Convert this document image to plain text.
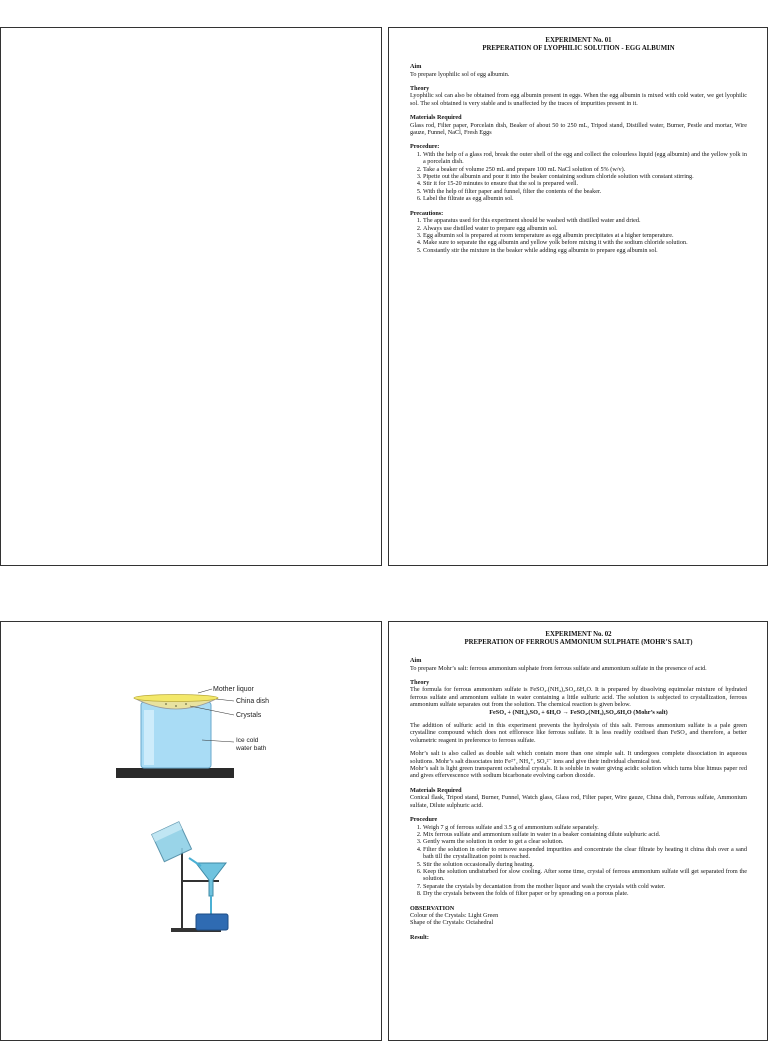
EXPERIMENT No. 01
PREPERATION OF LYOPHILIC SOLUTION - EGG ALBUMIN
Aim

To prepare lyophilic sol of egg albumin.

Theory

Lyophilic sol can also be obtained from egg albumin present in eggs. When the egg albumin is mixed with cold water, we get lyophilic sol. The sol obtained is very stable and is unaffected by the traces of impurities present in it.

Materials Required

Glass rod, Filter paper, Porcelain dish, Beaker of about 50 to 250 mL, Tripod stand, Distilled water, Burner, Pestle and mortar, Wire gauze, Funnel, NaCl, Fresh Eggs

Procedure:
1. With the help of a glass rod, break the outer shell of the egg and collect the colourless liquid (egg albumin) and the yellow yolk in a porcelain dish.
2. Take a beaker of volume 250 mL and prepare 100 mL NaCl solution of 5% (w/v).
3. Pipette out the albumin and pour it into the beaker containing sodium chloride solution with constant stirring.
4. Stir it for 15-20 minutes to ensure that the sol is prepared well.
5. With the help of filter paper and funnel, filter the contents of the beaker.
6. Label the filtrate as egg albumin sol.
Precautions:
1. The apparatus used for this experiment should be washed with distilled water and dried.
2. Always use distilled water to prepare egg albumin sol.
3. Egg albumin sol is prepared at room temperature as egg albumin precipitates at a higher temperature.
4. Make sure to separate the egg albumin and yellow yolk before mixing it with the sodium chloride solution.
5. Constantly stir the mixture in the beaker while adding egg albumin to prepare egg albumin sol.
Mother liquor
China dish
Crystals
Ice cold
water bath
EXPERIMENT No. 02
PREPERATION OF FERROUS AMMONIUM SULPHATE (MOHR’S SALT)
Aim

To prepare Mohr’s salt: ferrous ammonium sulphate from ferrous sulfate and ammonium sulfate in the presence of acid.

Theory

The formula for ferrous ammonium sulfate is FeSO₄.(NH₄)₂SO₄.6H₂O. It is prepared by dissolving equimolar mixture of hydrated ferrous sulfate and ammonium sulfate in water containing a little sulfuric acid. The solution is subjected to crystallization, ferrous ammonium sulfate separates out from the solution. The chemical reaction is given below.

FeSO₄ + (NH₄)₂SO₄ + 6H₂O → FeSO₄.(NH₄)₂SO₄.6H₂O (Mohr’s salt)

The addition of sulfuric acid in this experiment prevents the hydrolysis of this salt. Ferrous ammonium sulfate is a pale green crystalline compound which does not effloresce like ferrous sulfate. It is less readily oxidised than FeSO₄ and therefore, a better volumetric reagent in preference to ferrous sulfate.

Mohr’s salt is also called as double salt which contain more than one simple salt. It undergoes complete dissociation in aqueous solutions. Mohr’s salt dissociates into Fe²⁺, NH₄⁺, SO₄²⁻ ions and give their individual chemical test.

Mohr’s salt is light green transparent octahedral crystals. It is soluble in water giving acidic solution which turns blue litmus paper red and gives effervescence with sodium bicarbonate evolving carbon dioxide.

Materials Required

Conical flask, Tripod stand, Burner, Funnel, Watch glass, Glass rod, Filter paper, Wire gauze, China dish, Ferrous sulfate, Ammonium sulfate, Dilute sulphuric acid.

Procedure
1. Weigh 7 g of ferrous sulfate and 3.5 g of ammonium sulfate separately.
2. Mix ferrous sulfate and ammonium sulfate in water in a beaker containing dilute sulphuric acid.
3. Gently warm the solution in order to get a clear solution.
4. Filter the solution in order to remove suspended impurities and concentrate the clear filtrate by heating it china dish over a sand bath till the crystallization point is reached.
5. Stir the solution occasionally during heating.
6. Keep the solution undisturbed for slow cooling. After some time, crystal of ferrous ammonium sulfate will get separated from the solution.
7. Separate the crystals by decantation from the mother liquor and wash the crystals with cold water.
8. Dry the crystals between the folds of filter paper or by spreading on a porous plate.
OBSERVATION

Colour of the Crystals: Light Green

Shape of the Crystals: Octahedral

Result:
